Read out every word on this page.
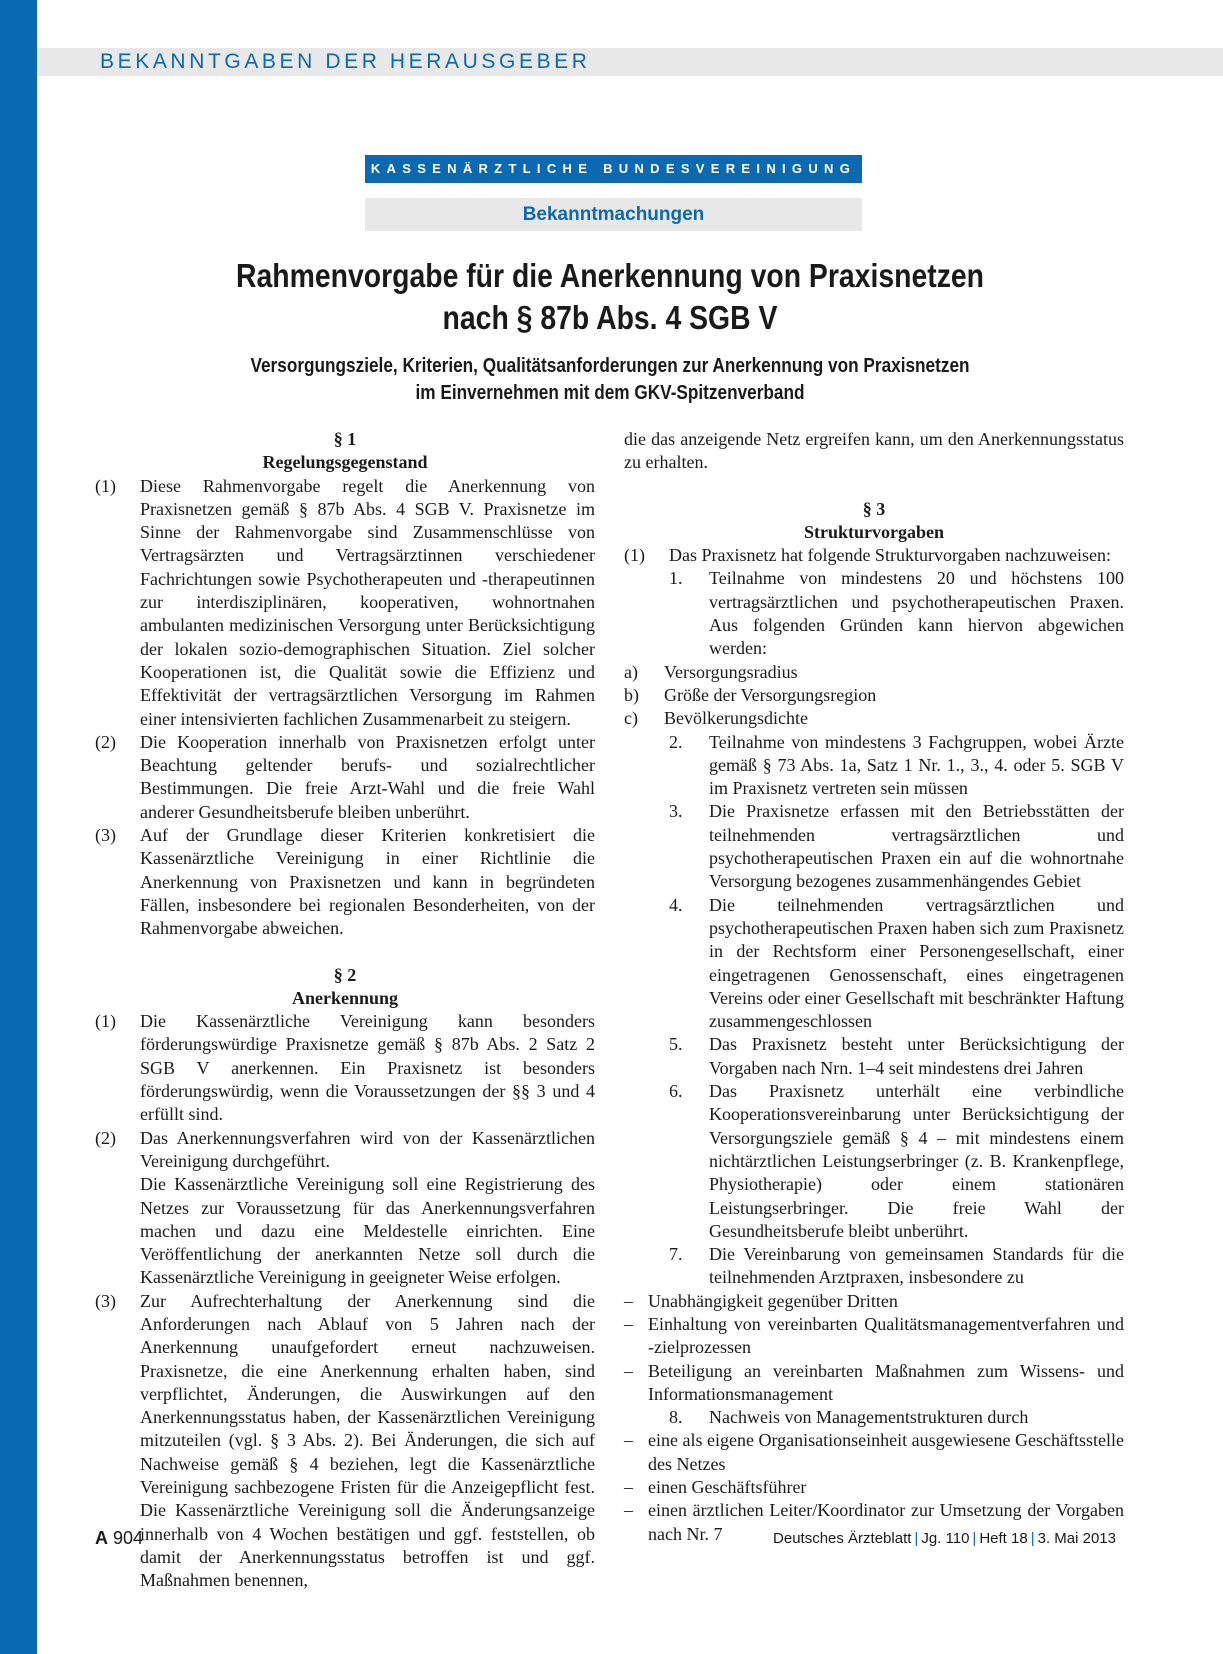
BEKANNTGABEN DER HERAUSGEBER
KASSENÄRZTLICHE BUNDESVEREINIGUNG
Bekanntmachungen
Rahmenvorgabe für die Anerkennung von Praxisnetzen
nach § 87b Abs. 4 SGB V
Versorgungsziele, Kriterien, Qualitätsanforderungen zur Anerkennung von Praxisnetzen
im Einvernehmen mit dem GKV-Spitzenverband
§ 1
Regelungsgegenstand
(1)	Diese Rahmenvorgabe regelt die Anerkennung von Praxisnetzen gemäß § 87b Abs. 4 SGB V. Praxisnetze im Sinne der Rahmenvorgabe sind Zusammenschlüsse von Vertragsärzten und Vertragsärztinnen verschiedener Fachrichtungen sowie Psychotherapeuten und -therapeutinnen zur interdisziplinären, kooperativen, wohnortnahen ambulanten medizinischen Versorgung unter Berücksichtigung der lokalen sozio-demographischen Situation. Ziel solcher Kooperationen ist, die Qualität sowie die Effizienz und Effektivität der vertragsärztlichen Versorgung im Rahmen einer intensivierten fachlichen Zusammenarbeit zu steigern.
(2)	Die Kooperation innerhalb von Praxisnetzen erfolgt unter Beachtung geltender berufs- und sozialrechtlicher Bestimmungen. Die freie Arzt-Wahl und die freie Wahl anderer Gesundheitsberufe bleiben unberührt.
(3)	Auf der Grundlage dieser Kriterien konkretisiert die Kassenärztliche Vereinigung in einer Richtlinie die Anerkennung von Praxisnetzen und kann in begründeten Fällen, insbesondere bei regionalen Besonderheiten, von der Rahmenvorgabe abweichen.
§ 2
Anerkennung
(1)	Die Kassenärztliche Vereinigung kann besonders förderungswürdige Praxisnetze gemäß § 87b Abs. 2 Satz 2 SGB V anerkennen. Ein Praxisnetz ist besonders förderungswürdig, wenn die Voraussetzungen der §§ 3 und 4 erfüllt sind.
(2)	Das Anerkennungsverfahren wird von der Kassenärztlichen Vereinigung durchgeführt.
Die Kassenärztliche Vereinigung soll eine Registrierung des Netzes zur Voraussetzung für das Anerkennungsverfahren machen und dazu eine Meldestelle einrichten. Eine Veröffentlichung der anerkannten Netze soll durch die Kassenärztliche Vereinigung in geeigneter Weise erfolgen.
(3)	Zur Aufrechterhaltung der Anerkennung sind die Anforderungen nach Ablauf von 5 Jahren nach der Anerkennung unaufgefordert erneut nachzuweisen. Praxisnetze, die eine Anerkennung erhalten haben, sind verpflichtet, Änderungen, die Auswirkungen auf den Anerkennungsstatus haben, der Kassenärztlichen Vereinigung mitzuteilen (vgl. § 3 Abs. 2). Bei Änderungen, die sich auf Nachweise gemäß § 4 beziehen, legt die Kassenärztliche Vereinigung sachbezogene Fristen für die Anzeigepflicht fest. Die Kassenärztliche Vereinigung soll die Änderungsanzeige innerhalb von 4 Wochen bestätigen und ggf. feststellen, ob damit der Anerkennungsstatus betroffen ist und ggf. Maßnahmen benennen,
die das anzeigende Netz ergreifen kann, um den Anerkennungsstatus zu erhalten.
§ 3
Strukturvorgaben
(1)	Das Praxisnetz hat folgende Strukturvorgaben nachzuweisen:
1.	Teilnahme von mindestens 20 und höchstens 100 vertragsärztlichen und psychotherapeutischen Praxen. Aus folgenden Gründen kann hiervon abgewichen werden:
a)	Versorgungsradius
b)	Größe der Versorgungsregion
c)	Bevölkerungsdichte
2.	Teilnahme von mindestens 3 Fachgruppen, wobei Ärzte gemäß § 73 Abs. 1a, Satz 1 Nr. 1., 3., 4. oder 5. SGB V im Praxisnetz vertreten sein müssen
3.	Die Praxisnetze erfassen mit den Betriebsstätten der teilnehmenden vertragsärztlichen und psychotherapeutischen Praxen ein auf die wohnortnahe Versorgung bezogenes zusammenhängendes Gebiet
4.	Die teilnehmenden vertragsärztlichen und psychotherapeutischen Praxen haben sich zum Praxisnetz in der Rechtsform einer Personengesellschaft, einer eingetragenen Genossenschaft, eines eingetragenen Vereins oder einer Gesellschaft mit beschränkter Haftung zusammengeschlossen
5.	Das Praxisnetz besteht unter Berücksichtigung der Vorgaben nach Nrn. 1–4 seit mindestens drei Jahren
6.	Das Praxisnetz unterhält eine verbindliche Kooperationsvereinbarung unter Berücksichtigung der Versorgungsziele gemäß § 4 – mit mindestens einem nichtärztlichen Leistungserbringer (z. B. Krankenpflege, Physiotherapie) oder einem stationären Leistungserbringer. Die freie Wahl der Gesundheitsberufe bleibt unberührt.
7.	Die Vereinbarung von gemeinsamen Standards für die teilnehmenden Arztpraxen, insbesondere zu
– Unabhängigkeit gegenüber Dritten
– Einhaltung von vereinbarten Qualitätsmanagementverfahren und -zielprozessen
– Beteiligung an vereinbarten Maßnahmen zum Wissens- und Informationsmanagement
8.	Nachweis von Managementstrukturen durch
– eine als eigene Organisationseinheit ausgewiesene Geschäftsstelle des Netzes
– einen Geschäftsführer
– einen ärztlichen Leiter/Koordinator zur Umsetzung der Vorgaben nach Nr. 7
A 904	Deutsches Ärzteblatt | Jg. 110 | Heft 18 | 3. Mai 2013
